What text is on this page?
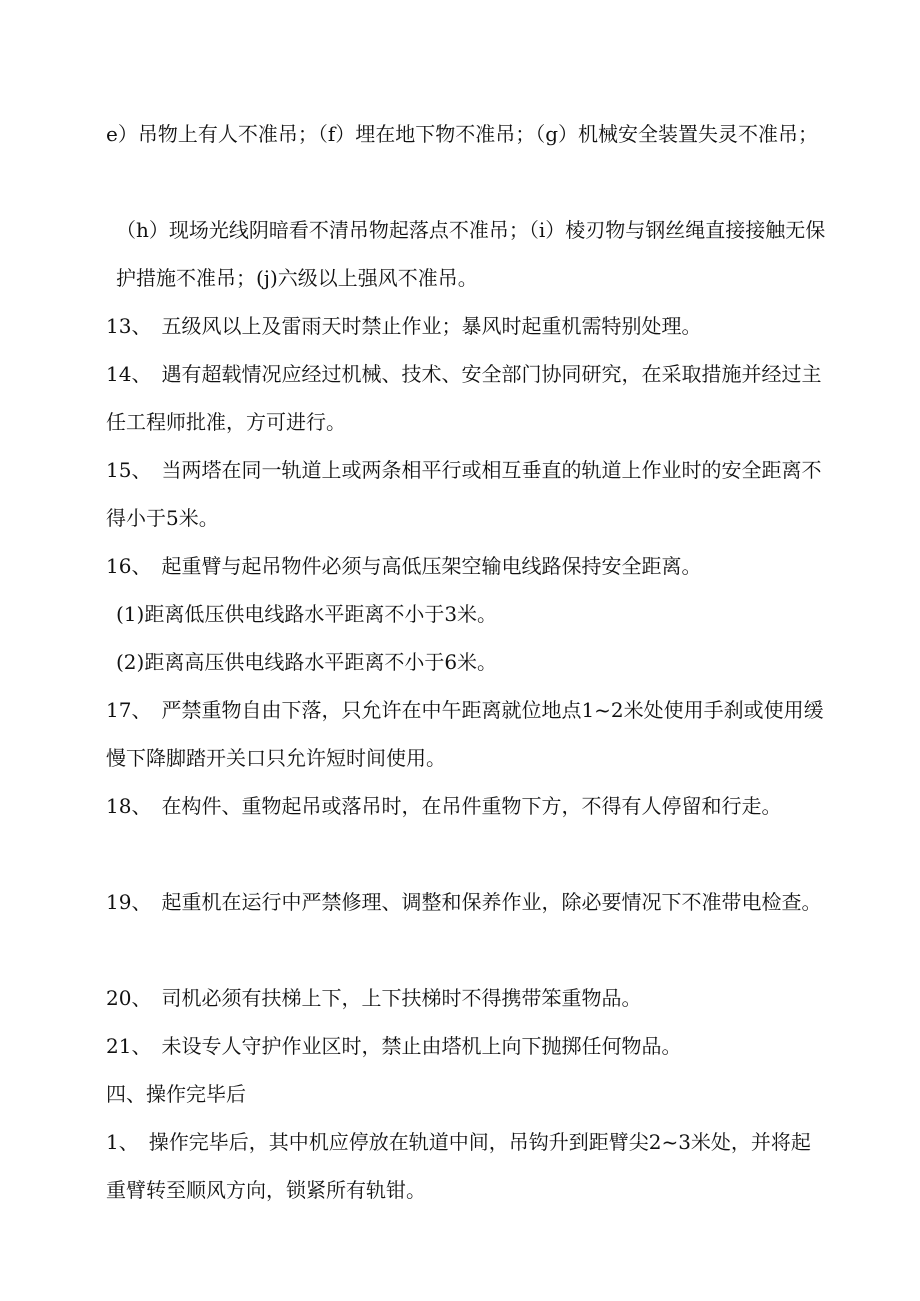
e）吊物上有人不准吊；（f）埋在地下物不准吊；（g）机械安全装置失灵不准吊；

（h）现场光线阴暗看不清吊物起落点不准吊；（i）棱刃物与钢丝绳直接接触无保护措施不准吊；(j)六级以上强风不准吊。

13、　五级风以上及雷雨天时禁止作业；暴风时起重机需特别处理。

14、　遇有超载情况应经过机械、技术、安全部门协同研究，在采取措施并经过主任工程师批准，方可进行。

15、　当两塔在同一轨道上或两条相平行或相互垂直的轨道上作业时的安全距离不得小于5米。

16、　起重臂与起吊物件必须与高低压架空输电线路保持安全距离。

(1)距离低压供电线路水平距离不小于3米。

(2)距离高压供电线路水平距离不小于6米。

17、　严禁重物自由下落，只允许在中午距离就位地点1~2米处使用手刹或使用缓慢下降脚踏开关口只允许短时间使用。

18、　在构件、重物起吊或落吊时，在吊件重物下方，不得有人停留和行走。

19、　起重机在运行中严禁修理、调整和保养作业，除必要情况下不准带电检查。

20、　司机必须有扶梯上下，上下扶梯时不得携带笨重物品。

21、　未设专人守护作业区时，禁止由塔机上向下抛掷任何物品。

四、操作完毕后

1、　操作完毕后，其中机应停放在轨道中间，吊钩升到距臂尖2~3米处，并将起重臂转至顺风方向，锁紧所有轨钳。
